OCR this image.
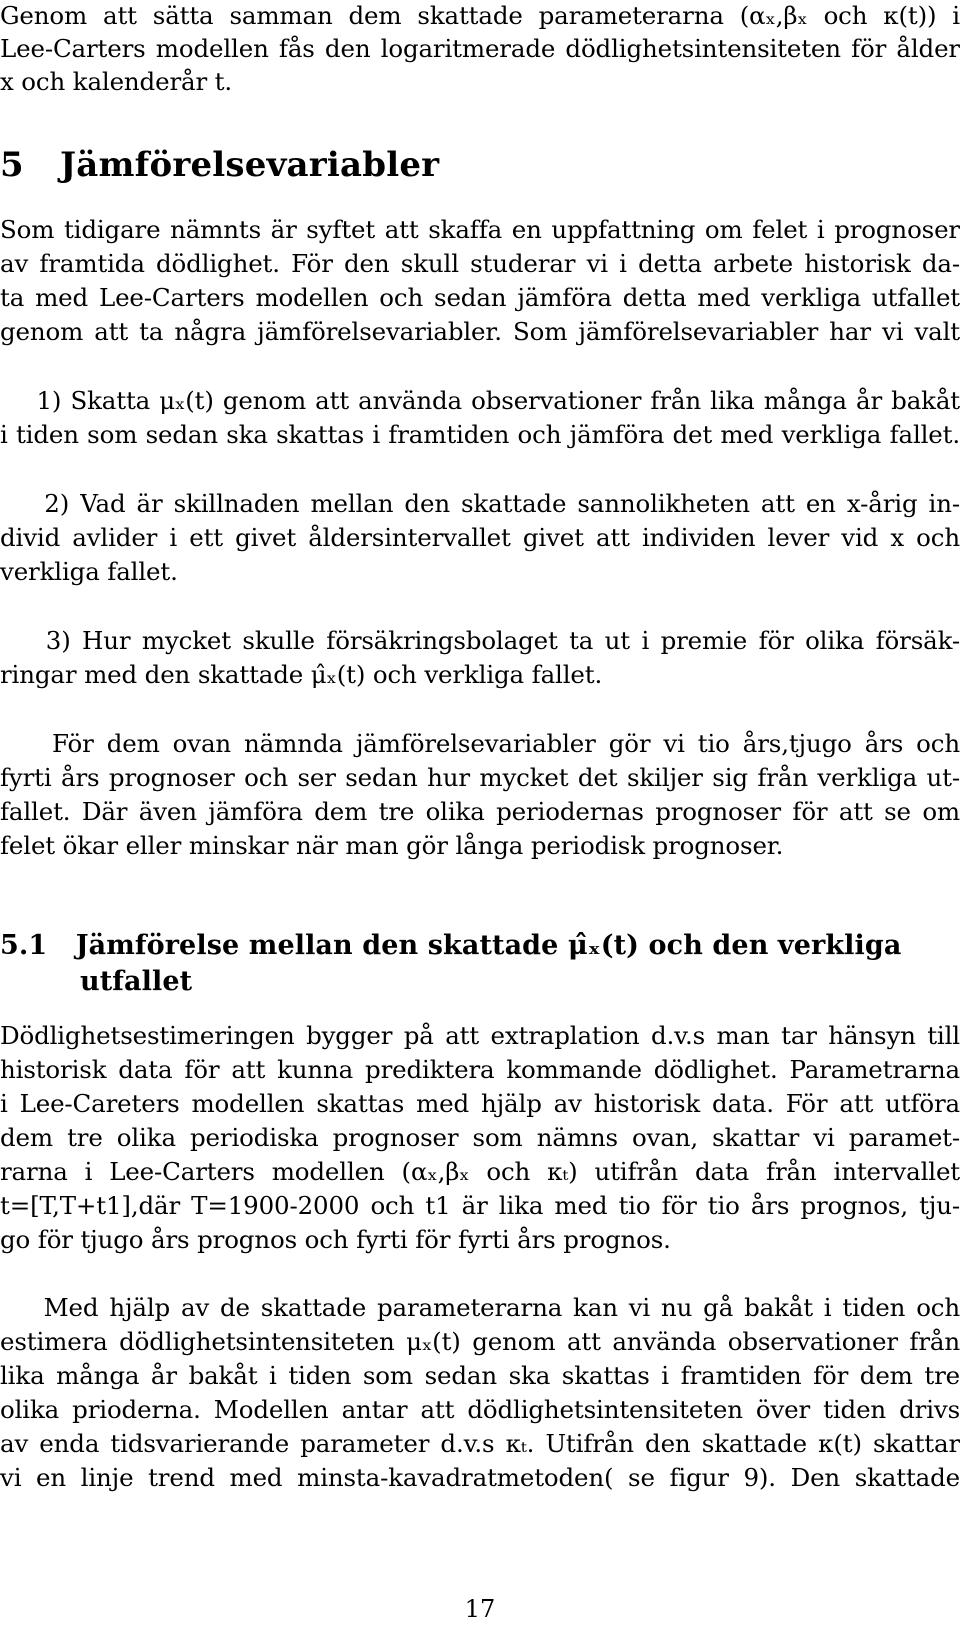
Genom att sätta samman dem skattade parameterarna (αₓ,βₓ och κ(t)) i
Lee-Carters modellen fås den logaritmerade dödlighetsintensiteten för ålder
x och kalenderår t.
5   Jämförelsevariabler
Som tidigare nämnts är syftet att skaffa en uppfattning om felet i prognoser
av framtida dödlighet. För den skull studerar vi i detta arbete historisk da-
ta med Lee-Carters modellen och sedan jämföra detta med verkliga utfallet
genom att ta några jämförelsevariabler. Som jämförelsevariabler har vi valt
1) Skatta μₓ(t) genom att använda observationer från lika många år bakåt
i tiden som sedan ska skattas i framtiden och jämföra det med verkliga fallet.
2) Vad är skillnaden mellan den skattade sannolikheten att en x-årig in-
divid avlider i ett givet åldersintervallet givet att individen lever vid x och
verkliga fallet.
3) Hur mycket skulle försäkringsbolaget ta ut i premie för olika försäk-
ringar med den skattade μ̂ₓ(t) och verkliga fallet.
För dem ovan nämnda jämförelsevariabler gör vi tio års,tjugo års och
fyrti års prognoser och ser sedan hur mycket det skiljer sig från verkliga ut-
fallet. Där även jämföra dem tre olika periodernas prognoser för att se om
felet ökar eller minskar när man gör långa periodisk prognoser.
5.1   Jämförelse mellan den skattade μ̂ₓ(t) och den verkliga
utfallet
Dödlighetsestimeringen bygger på att extraplation d.v.s man tar hänsyn till
historisk data för att kunna prediktera kommande dödlighet. Parametrarna
i Lee-Careters modellen skattas med hjälp av historisk data. För att utföra
dem tre olika periodiska prognoser som nämns ovan, skattar vi paramet-
rarna i Lee-Carters modellen (αₓ,βₓ och κₜ) utifrån data från intervallet
t=[T,T+t1],där T=1900-2000 och t1 är lika med tio för tio års prognos, tju-
go för tjugo års prognos och fyrti för fyrti års prognos.
Med hjälp av de skattade parameterarna kan vi nu gå bakåt i tiden och
estimera dödlighetsintensiteten μₓ(t) genom att använda observationer från
lika många år bakåt i tiden som sedan ska skattas i framtiden för dem tre
olika prioderna. Modellen antar att dödlighetsintensiteten över tiden drivs
av enda tidsvarierande parameter d.v.s κₜ. Utifrån den skattade κ(t) skattar
vi en linje trend med minsta-kavadratmetoden( se figur 9). Den skattade
17
